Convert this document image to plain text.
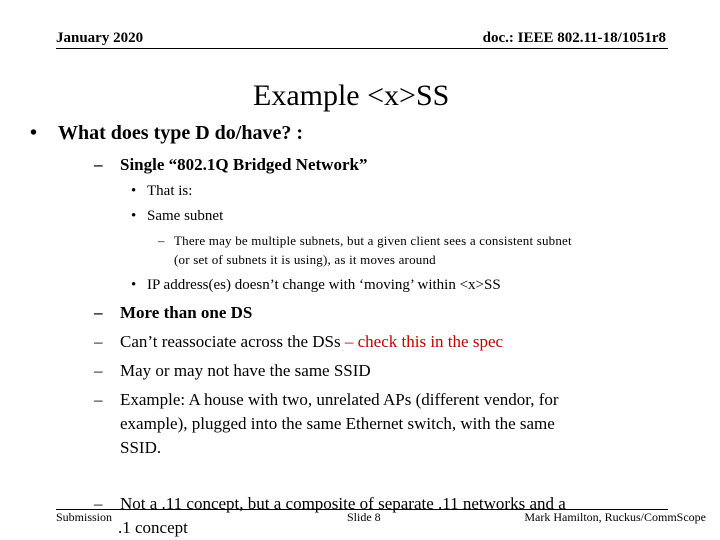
January 2020	doc.: IEEE 802.11-18/1051r8
Example <x>SS
• What does type D do/have? :
– Single “802.1Q Bridged Network”
• That is:
• Same subnet
– There may be multiple subnets, but a given client sees a consistent subnet
(or set of subnets it is using), as it moves around
• IP address(es) doesn’t change with ‘moving’ within <x>SS
– More than one DS
– Can’t reassociate across the DSs – check this in the spec
– May or may not have the same SSID
– Example: A house with two, unrelated APs (different vendor, for
example), plugged into the same Ethernet switch, with the same
SSID.
– Not a .11 concept, but a composite of separate .11 networks and a
.1 concept
Submission	Slide 8	Mark Hamilton, Ruckus/CommScope
